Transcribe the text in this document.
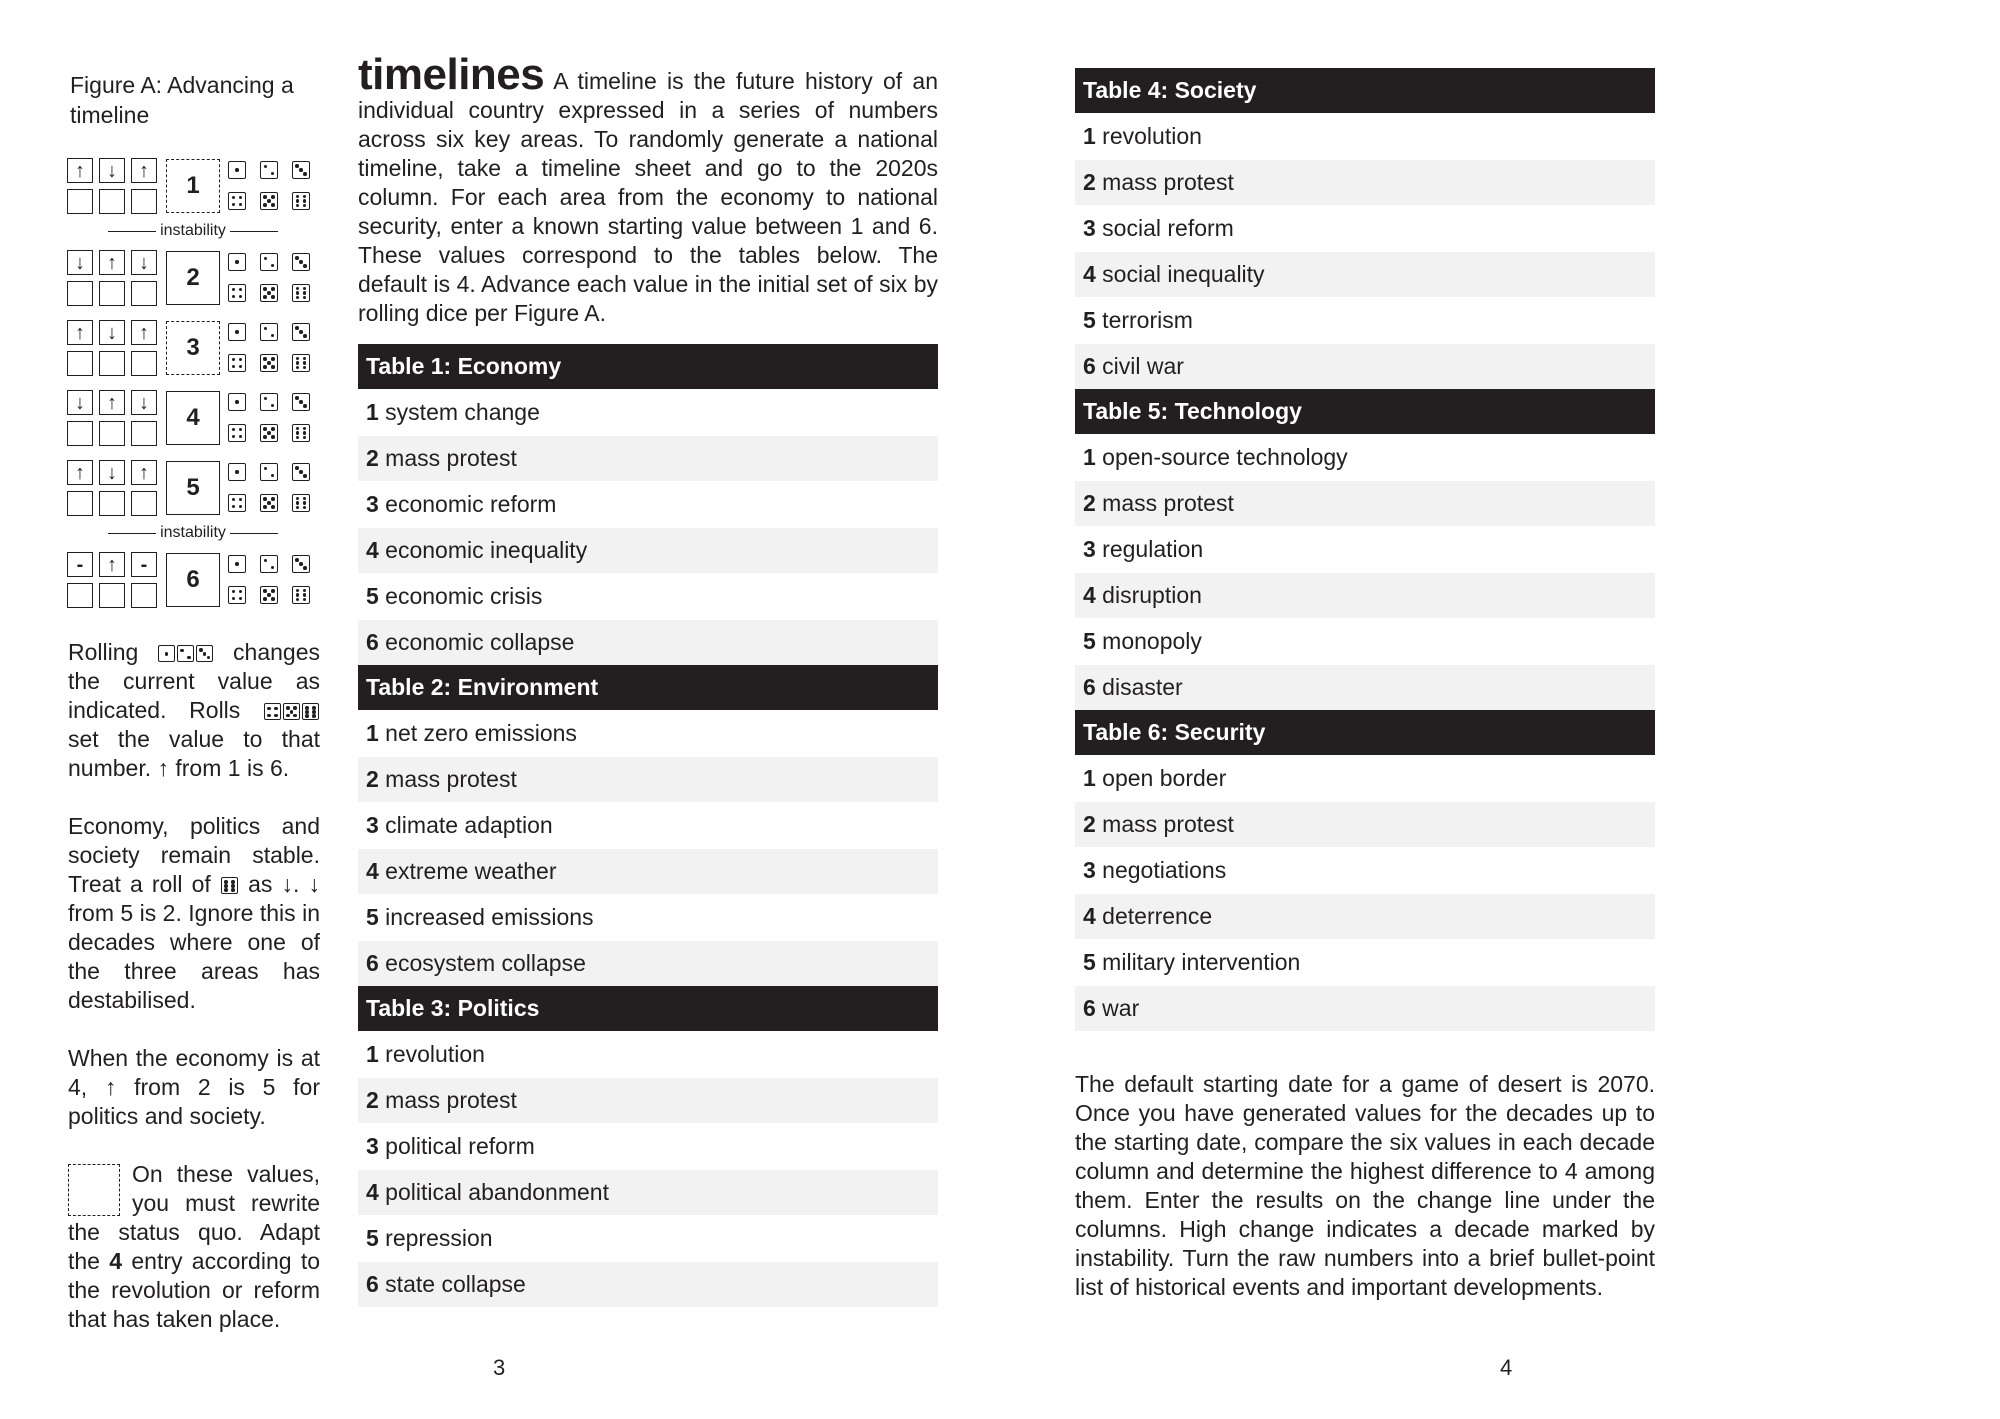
Figure A: Advancing a timeline
↑	↓	↑
1
↓	↑	↓
2
↑	↓	↑
3
↓	↑	↓
4
↑	↓	↑
5
-	↑	-
6
instability
instability

Rolling	changes the current value as indicated. Rolls
set the value to that number. ↑ from 1 is 6.

Economy, politics and society remain stable. Treat a roll of as ↓. ↓ from 5 is 2. Ignore this in decades where one of the three areas has destabilised.

When the economy is at 4, ↑ from 2 is 5 for politics and society.

On these values, you must rewrite the status quo. Adapt the 4 entry according to the revolution or reform that has taken place.

timelines A timeline is the future history of an individual country expressed in a series of numbers across six key areas. To randomly generate a national timeline, take a timeline sheet and go to the 2020s column. For each area from the economy to national security, enter a known starting value between 1 and 6. These values correspond to the tables below. The default is 4. Advance each value in the initial set of six by rolling dice per Figure A.
Table 1: Economy
1 system change
2 mass protest
3 economic reform
4 economic inequality
5 economic crisis
6 economic collapse
Table 2: Environment
1 net zero emissions
2 mass protest
3 climate adaption
4 extreme weather
5 increased emissions
6 ecosystem collapse
Table 3: Politics
1 revolution
2 mass protest
3 political reform
4 political abandonment
5 repression
6 state collapse
3
Table 4: Society
1 revolution
2 mass protest
3 social reform
4 social inequality
5 terrorism
6 civil war
Table 5: Technology
1 open-source technology
2 mass protest
3 regulation
4 disruption
5 monopoly
6 disaster
Table 6: Security
1 open border
2 mass protest
3 negotiations
4 deterrence
5 military intervention
6 war
The default starting date for a game of desert is 2070. Once you have generated values for the decades up to the starting date, compare the six values in each decade column and determine the highest difference to 4 among them. Enter the results on the change line under the columns. High change indicates a decade marked by instability. Turn the raw numbers into a brief bullet-point list of historical events and important developments.
4
